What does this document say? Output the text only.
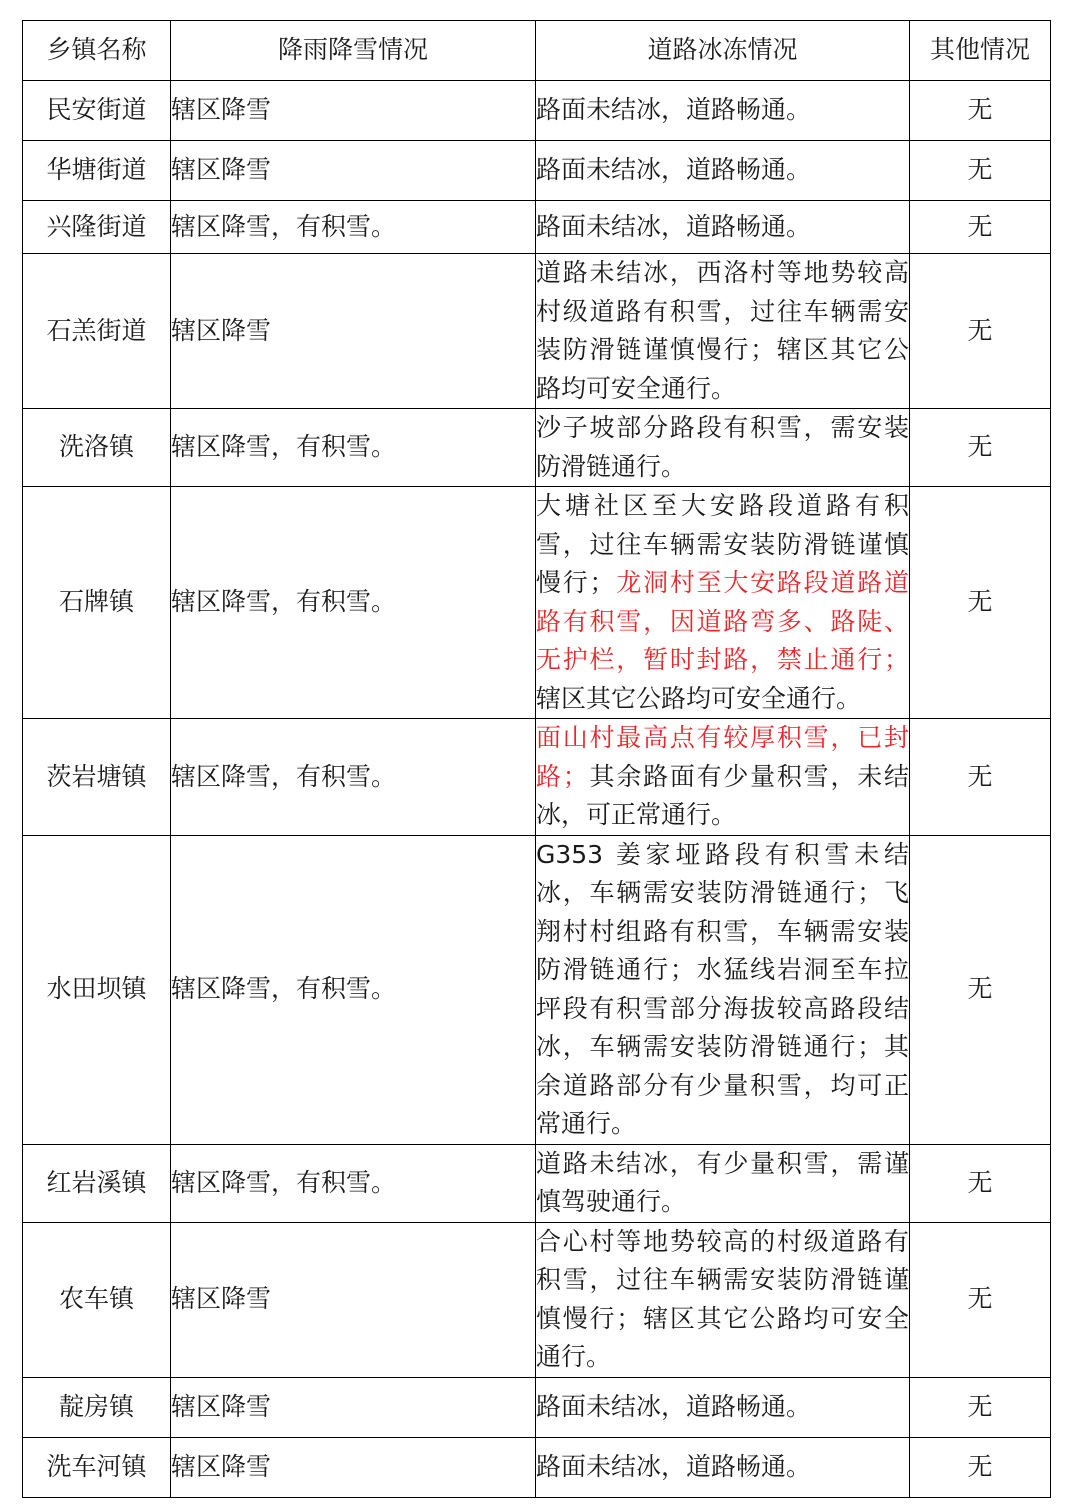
乡镇名称	降雨降雪情况	道路冰冻情况	其他情况
民安街道	辖区降雪	路面未结冰，道路畅通。	无
华塘街道	辖区降雪	路面未结冰，道路畅通。	无
兴隆街道	辖区降雪，有积雪。	路面未结冰，道路畅通。	无
石羔街道	辖区降雪	道路未结冰，西洛村等地势较高村级道路有积雪，过往车辆需安装防滑链谨慎慢行；辖区其它公路均可安全通行。	无
洗洛镇	辖区降雪，有积雪。	沙子坡部分路段有积雪，需安装防滑链通行。	无
石牌镇	辖区降雪，有积雪。	大塘社区至大安路段道路有积雪，过往车辆需安装防滑链谨慎慢行；龙洞村至大安路段道路道路有积雪，因道路弯多、路陡、无护栏，暂时封路，禁止通行；辖区其它公路均可安全通行。	无
茨岩塘镇	辖区降雪，有积雪。	面山村最高点有较厚积雪，已封路；其余路面有少量积雪，未结冰，可正常通行。	无
水田坝镇	辖区降雪，有积雪。	G353 姜家垭路段有积雪未结冰，车辆需安装防滑链通行；飞翔村村组路有积雪，车辆需安装防滑链通行；水猛线岩洞至车拉坪段有积雪部分海拔较高路段结冰，车辆需安装防滑链通行；其余道路部分有少量积雪，均可正常通行。	无
红岩溪镇	辖区降雪，有积雪。	道路未结冰，有少量积雪，需谨慎驾驶通行。	无
农车镇	辖区降雪	合心村等地势较高的村级道路有积雪，过往车辆需安装防滑链谨慎慢行；辖区其它公路均可安全通行。	无
靛房镇	辖区降雪	路面未结冰，道路畅通。	无
洗车河镇	辖区降雪	路面未结冰，道路畅通。	无
